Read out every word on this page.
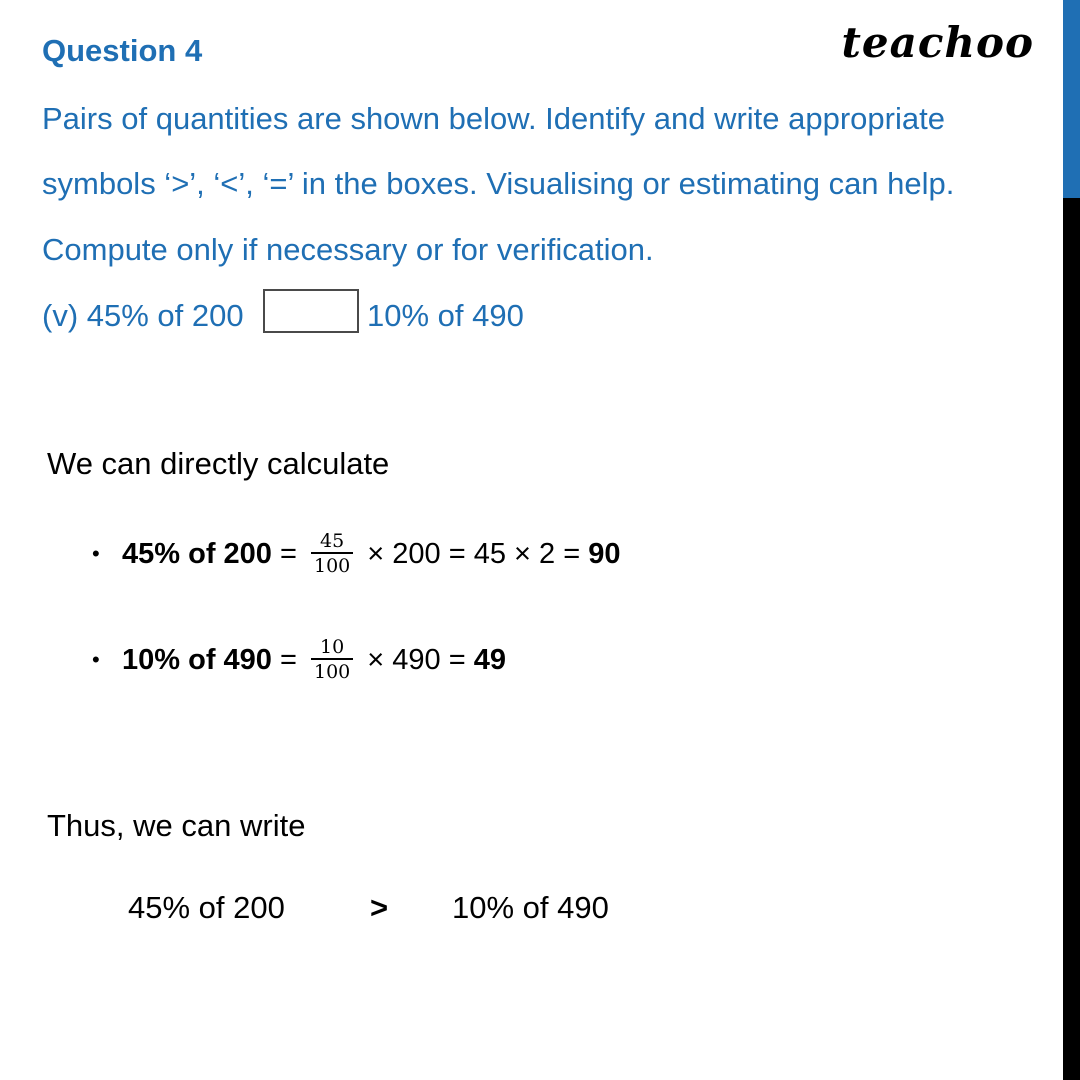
Question 4	teachoo
Pairs of quantities are shown below. Identify and write appropriate
symbols ‘>’, ‘<’, ‘=’ in the boxes. Visualising or estimating can help.
Compute only if necessary or for verification.
(v) 45% of 200	10% of 490
We can directly calculate
• 45% of $200 = \frac{45}{100} \times 200 = 45 \times 2 = 90$
• 10% of $490 = \frac{10}{100} \times 490 = 49$
Thus, we can write
45% of 200	> 10% of 490
